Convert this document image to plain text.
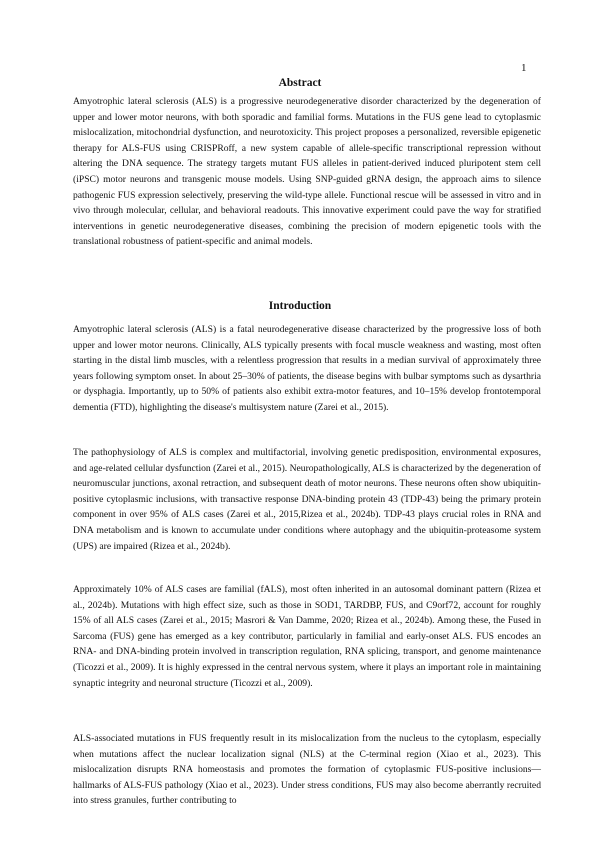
1
Abstract

Amyotrophic lateral sclerosis (ALS) is a progressive neurodegenerative disorder characterized by the degeneration of upper and lower motor neurons, with both sporadic and familial forms. Mutations in the FUS gene lead to cytoplasmic mislocalization, mitochondrial dysfunction, and neurotoxicity. This project proposes a personalized, reversible epigenetic therapy for ALS-FUS using CRISPRoff, a new system capable of allele-specific transcriptional repression without altering the DNA sequence. The strategy targets mutant FUS alleles in patient-derived induced pluripotent stem cell (iPSC) motor neurons and transgenic mouse models. Using SNP-guided gRNA design, the approach aims to silence pathogenic FUS expression selectively, preserving the wild-type allele. Functional rescue will be assessed in vitro and in vivo through molecular, cellular, and behavioral readouts. This innovative experiment could pave the way for stratified interventions in genetic neurodegenerative diseases, combining the precision of modern epigenetic tools with the translational robustness of patient-specific and animal models.

Introduction

Amyotrophic lateral sclerosis (ALS) is a fatal neurodegenerative disease characterized by the progressive loss of both upper and lower motor neurons. Clinically, ALS typically presents with focal muscle weakness and wasting, most often starting in the distal limb muscles, with a relentless progression that results in a median survival of approximately three years following symptom onset. In about 25–30% of patients, the disease begins with bulbar symptoms such as dysarthria or dysphagia. Importantly, up to 50% of patients also exhibit extra-motor features, and 10–15% develop frontotemporal dementia (FTD), highlighting the disease's multisystem nature (Zarei et al., 2015).

The pathophysiology of ALS is complex and multifactorial, involving genetic predisposition, environmental exposures, and age-related cellular dysfunction (Zarei et al., 2015). Neuropathologically, ALS is characterized by the degeneration of neuromuscular junctions, axonal retraction, and subsequent death of motor neurons. These neurons often show ubiquitin-positive cytoplasmic inclusions, with transactive response DNA-binding protein 43 (TDP-43) being the primary protein component in over 95% of ALS cases (Zarei et al., 2015,Rizea et al., 2024b). TDP-43 plays crucial roles in RNA and DNA metabolism and is known to accumulate under conditions where autophagy and the ubiquitin-proteasome system (UPS) are impaired (Rizea et al., 2024b).

Approximately 10% of ALS cases are familial (fALS), most often inherited in an autosomal dominant pattern (Rizea et al., 2024b). Mutations with high effect size, such as those in SOD1, TARDBP, FUS, and C9orf72, account for roughly 15% of all ALS cases (Zarei et al., 2015; Masrori & Van Damme, 2020; Rizea et al., 2024b). Among these, the Fused in Sarcoma (FUS) gene has emerged as a key contributor, particularly in familial and early-onset ALS. FUS encodes an RNA- and DNA-binding protein involved in transcription regulation, RNA splicing, transport, and genome maintenance (Ticozzi et al., 2009). It is highly expressed in the central nervous system, where it plays an important role in maintaining synaptic integrity and neuronal structure (Ticozzi et al., 2009).

ALS-associated mutations in FUS frequently result in its mislocalization from the nucleus to the cytoplasm, especially when mutations affect the nuclear localization signal (NLS) at the C-terminal region (Xiao et al., 2023). This mislocalization disrupts RNA homeostasis and promotes the formation of cytoplasmic FUS-positive inclusions—hallmarks of ALS-FUS pathology (Xiao et al., 2023). Under stress conditions, FUS may also become aberrantly recruited into stress granules, further contributing to
